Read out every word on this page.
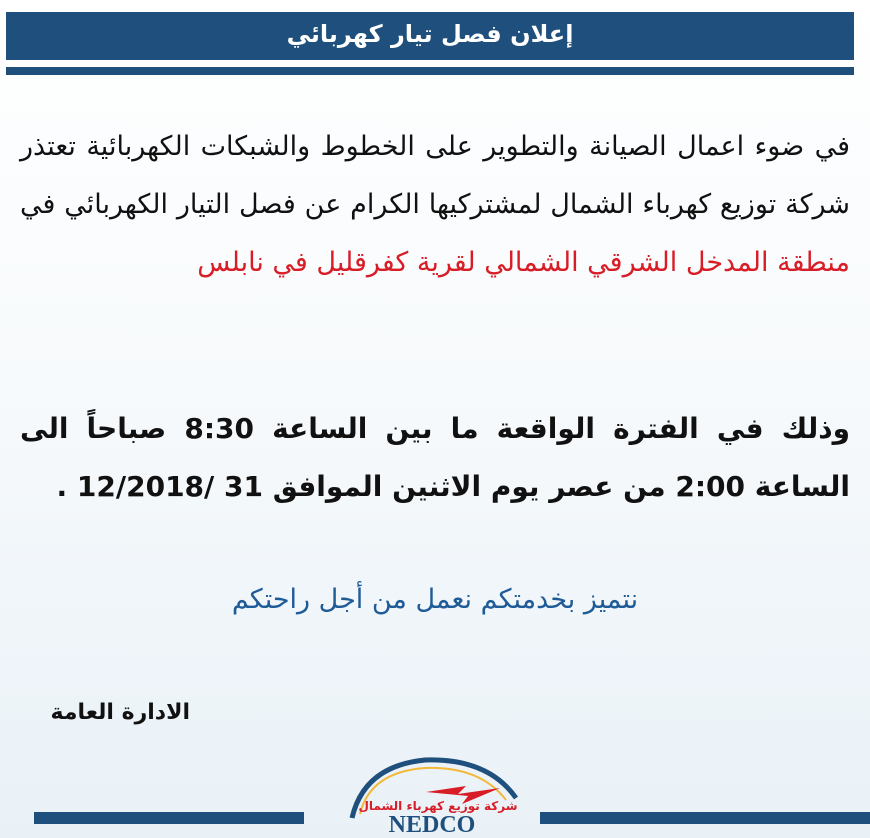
إعلان فصل تيار كهربائي
في ضوء اعمال الصيانة والتطوير على الخطوط والشبكات الكهربائية تعتذر شركة توزيع كهرباء الشمال لمشتركيها الكرام عن فصل التيار الكهربائي في منطقة المدخل الشرقي الشمالي لقرية كفرقليل في نابلس
وذلك في الفترة الواقعة ما بين الساعة 8:30 صباحاً الى الساعة 2:00 من عصر يوم الاثنين الموافق 31 /12/2018 .
نتميز بخدمتكم نعمل من أجل راحتكم
الادارة العامة
شركة توزيع كهرباء الشمال
NEDCO
